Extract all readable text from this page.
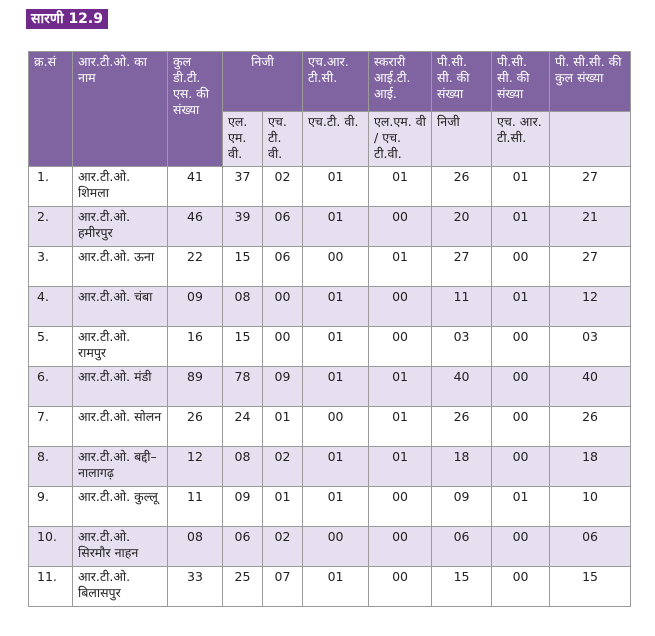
सारणी 12.9
क्र.सं	आर.टी.ओ. का नाम	कुल डी.टी. एस. की संख्या	निजी		एच.आर. टी.सी.	स्करारी आई.टी. आई.	पी.सी. सी. की संख्या	पी.सी. सी. की संख्या	पी. सी.सी. की कुल संख्या
			एल. एम. वी.	एच. टी. वी.	एच.टी. वी.	एल.एम. वी / एच. टी.वी.	निजी	एच. आर. टी.सी.	
1.	आर.टी.ओ. शिमला	41	37	02	01	01	26	01	27
2.	आर.टी.ओ. हमीरपुर	46	39	06	01	00	20	01	21
3.	आर.टी.ओ. ऊना	22	15	06	00	01	27	00	27
4.	आर.टी.ओ. चंबा	09	08	00	01	00	11	01	12
5.	आर.टी.ओ. रामपुर	16	15	00	01	00	03	00	03
6.	आर.टी.ओ. मंडी	89	78	09	01	01	40	00	40
7.	आर.टी.ओ. सोलन	26	24	01	00	01	26	00	26
8.	आर.टी.ओ. बद्दी–नालागढ़	12	08	02	01	01	18	00	18
9.	आर.टी.ओ. कुल्लू	11	09	01	01	00	09	01	10
10.	आर.टी.ओ. सिरमौर नाहन	08	06	02	00	00	06	00	06
11.	आर.टी.ओ. बिलासपुर	33	25	07	01	00	15	00	15
